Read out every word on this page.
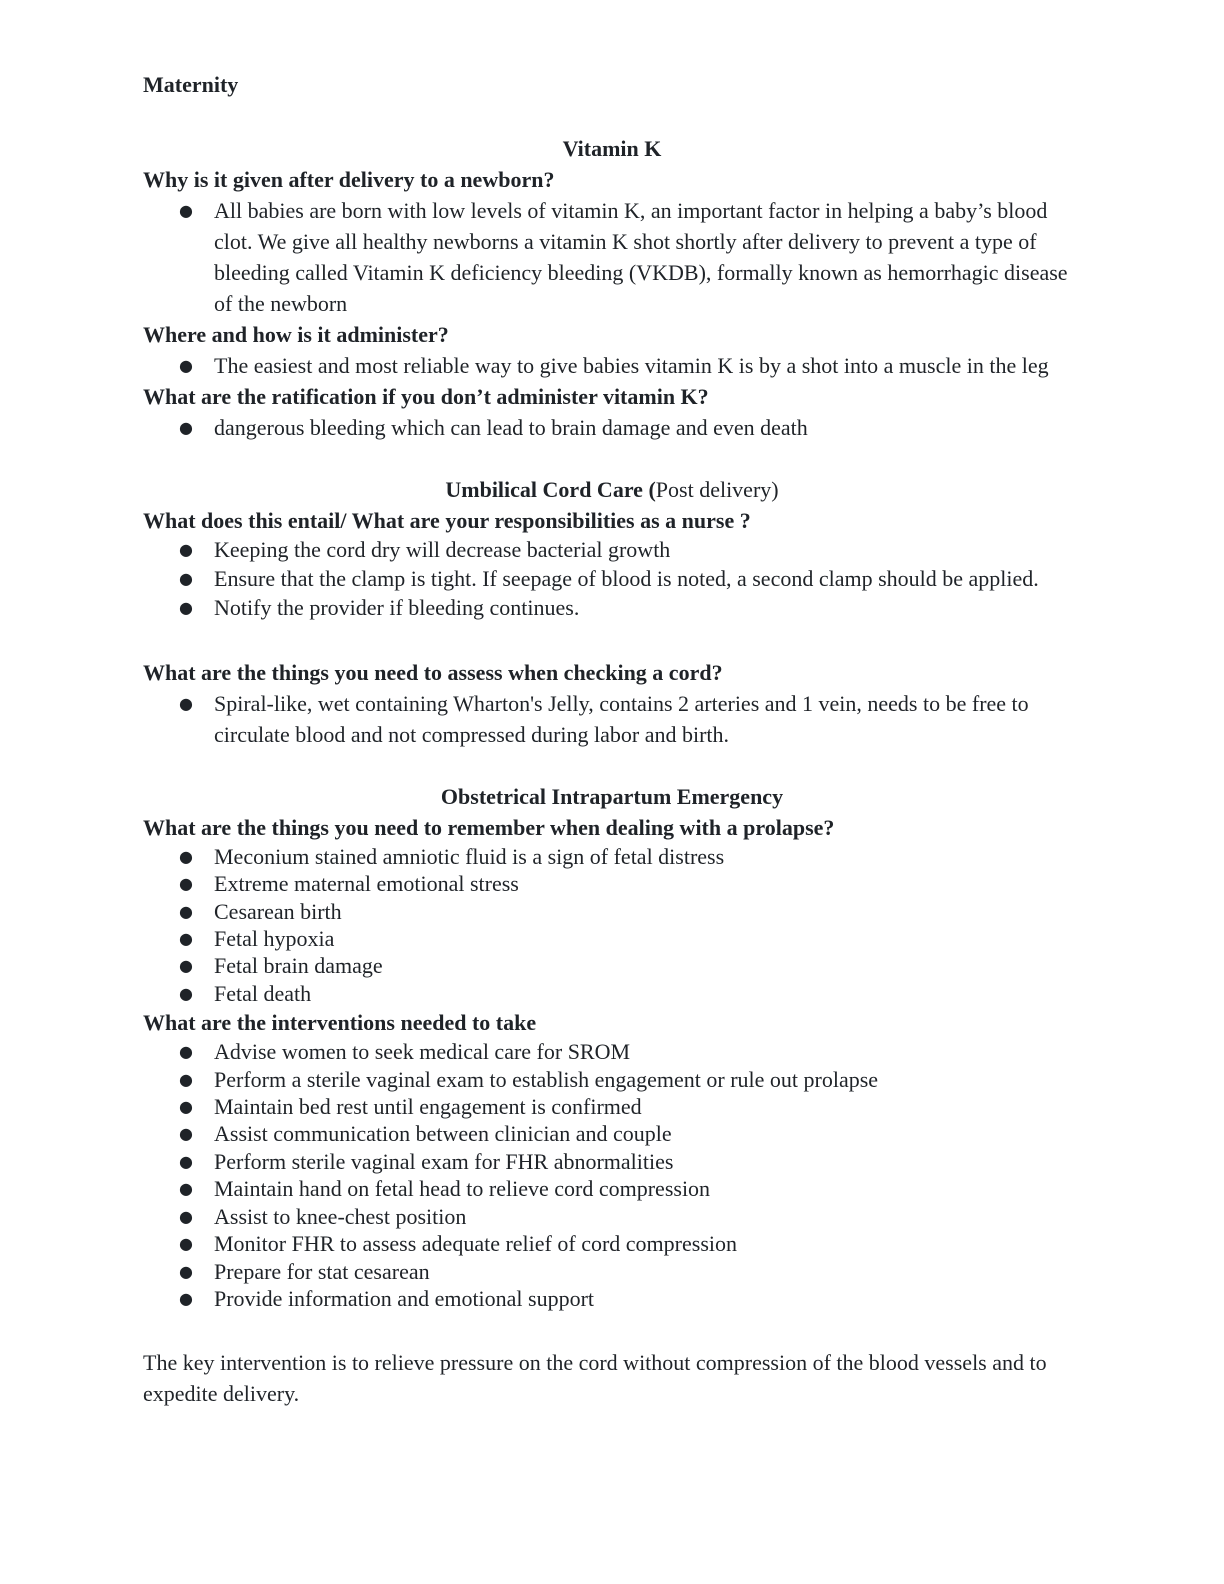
Maternity

Vitamin K

Why is it given after delivery to a newborn?

● All babies are born with low levels of vitamin K, an important factor in helping a baby’s blood clot. We give all healthy newborns a vitamin K shot shortly after delivery to prevent a type of bleeding called Vitamin K deficiency bleeding (VKDB), formally known as hemorrhagic disease of the newborn

Where and how is it administer?

● The easiest and most reliable way to give babies vitamin K is by a shot into a muscle in the leg

What are the ratification if you don’t administer vitamin K?

● dangerous bleeding which can lead to brain damage and even death

Umbilical Cord Care (Post delivery)

What does this entail/ What are your responsibilities as a nurse ?

● Keeping the cord dry will decrease bacterial growth
● Ensure that the clamp is tight. If seepage of blood is noted, a second clamp should be applied.
● Notify the provider if bleeding continues.

What are the things you need to assess when checking a cord?

● Spiral-like, wet containing Wharton's Jelly, contains 2 arteries and 1 vein, needs to be free to circulate blood and not compressed during labor and birth.

Obstetrical Intrapartum Emergency

What are the things you need to remember when dealing with a prolapse?

● Meconium stained amniotic fluid is a sign of fetal distress
● Extreme maternal emotional stress
● Cesarean birth
● Fetal hypoxia
● Fetal brain damage
● Fetal death

What are the interventions needed to take

● Advise women to seek medical care for SROM
● Perform a sterile vaginal exam to establish engagement or rule out prolapse
● Maintain bed rest until engagement is confirmed
● Assist communication between clinician and couple
● Perform sterile vaginal exam for FHR abnormalities
● Maintain hand on fetal head to relieve cord compression
● Assist to knee-chest position
● Monitor FHR to assess adequate relief of cord compression
● Prepare for stat cesarean
● Provide information and emotional support

The key intervention is to relieve pressure on the cord without compression of the blood vessels and to expedite delivery.
